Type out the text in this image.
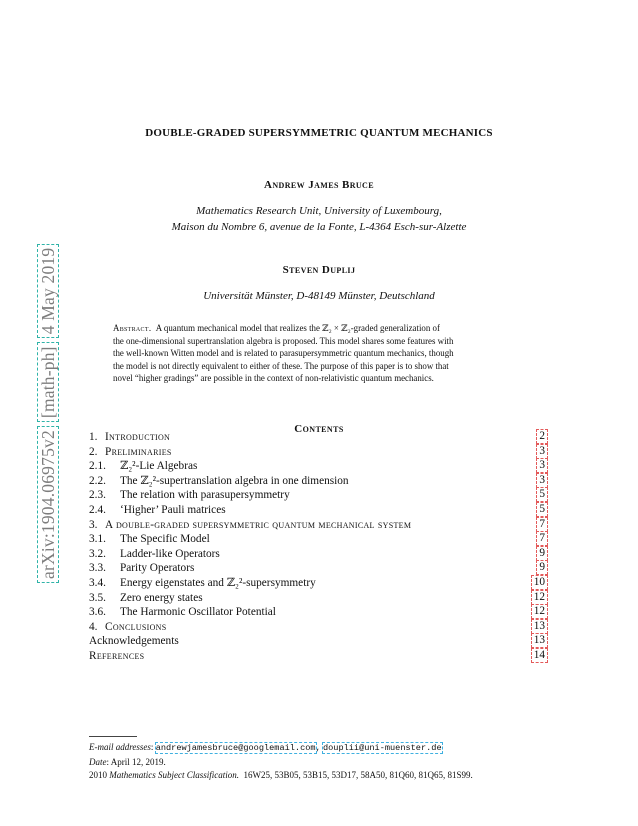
arXiv:1904.06975v2[math-ph]4 May 2019
DOUBLE-GRADED SUPERSYMMETRIC QUANTUM MECHANICS
Andrew James Bruce
Mathematics Research Unit, University of Luxembourg,
Maison du Nombre 6, avenue de la Fonte, L-4364 Esch-sur-Alzette
Steven Duplij
Universität Münster, D-48149 Münster, Deutschland
Abstract. A quantum mechanical model that realizes the ℤ₂ × ℤ₂-graded generalization of
the one-dimensional supertranslation algebra is proposed. This model shares some features with
the well-known Witten model and is related to parasupersymmetric quantum mechanics, though
the model is not directly equivalent to either of these. The purpose of this paper is to show that
novel “higher gradings” are possible in the context of non-relativistic quantum mechanics.
Contents
1. Introduction	2
2. Preliminaries	3
2.1. ℤ₂²-Lie Algebras	3
2.2. The ℤ₂²-supertranslation algebra in one dimension	3
2.3. The relation with parasupersymmetry	5
2.4. ‘Higher’ Pauli matrices	5
3. A double-graded supersymmetric quantum mechanical system	7
3.1. The Specific Model	7
3.2. Ladder-like Operators	9
3.3. Parity Operators	9
3.4. Energy eigenstates and ℤ₂²-supersymmetry	10
3.5. Zero energy states	12
3.6. The Harmonic Oscillator Potential	12
4. Conclusions	13
Acknowledgements	13
References	14
E-mail addresses: andrewjamesbruce@googlemail.com, douplii@uni-muenster.de
Date: April 12, 2019.
2010 Mathematics Subject Classification. 16W25, 53B05, 53B15, 53D17, 58A50, 81Q60, 81Q65, 81S99.
